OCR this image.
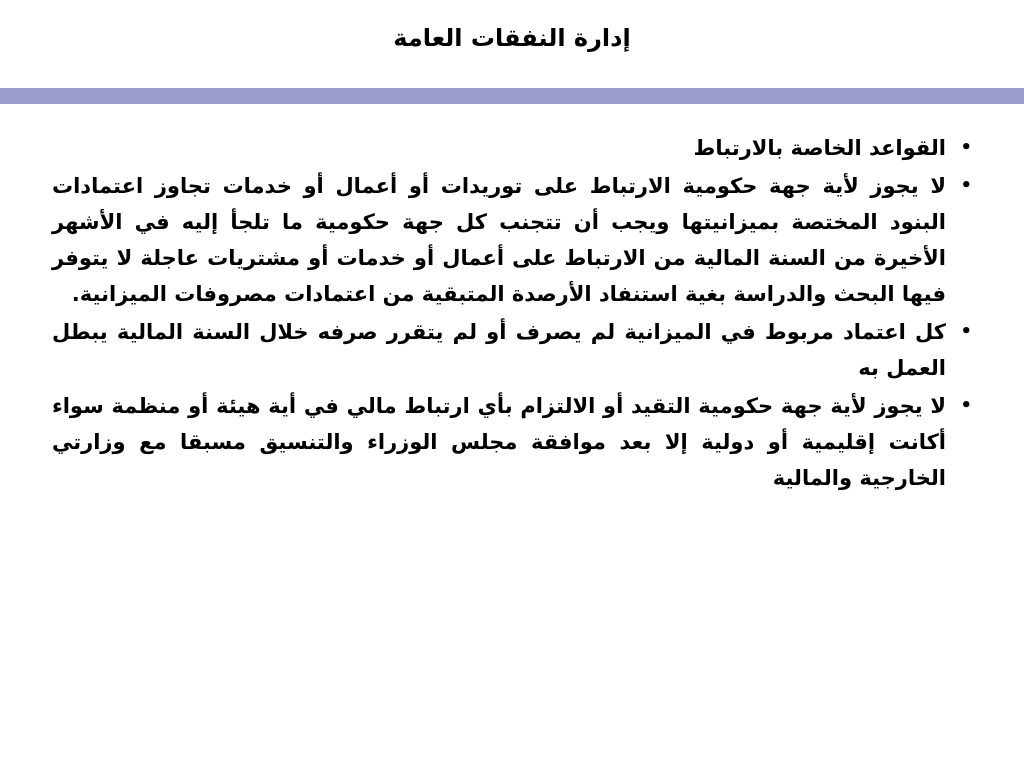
إدارة النفقات العامة
• القواعد الخاصة بالارتباط
• لا يجوز لأية جهة حكومية الارتباط على توريدات أو أعمال أو خدمات تجاوز اعتمادات البنود المختصة بميزانيتها ويجب أن تتجنب كل جهة حكومية ما تلجأ إليه في الأشهر الأخيرة من السنة المالية من الارتباط على أعمال أو خدمات أو مشتريات عاجلة لا يتوفر فيها البحث والدراسة بغية استنفاد الأرصدة المتبقية من اعتمادات مصروفات الميزانية.
• كل اعتماد مربوط في الميزانية لم يصرف أو لم يتقرر صرفه خلال السنة المالية يبطل العمل به
• لا يجوز لأية جهة حكومية التقيد أو الالتزام بأي ارتباط مالي في أية هيئة أو منظمة سواء أكانت إقليمية أو دولية إلا بعد موافقة مجلس الوزراء والتنسيق مسبقا مع وزارتي الخارجية والمالية
